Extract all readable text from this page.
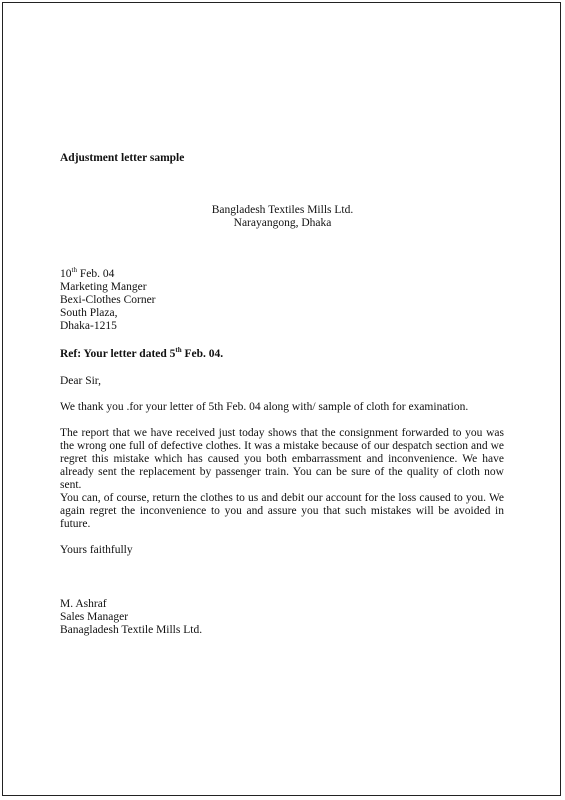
Adjustment letter sample
Bangladesh Textiles Mills Ltd.
Narayangong, Dhaka
10th Feb. 04
Marketing Manger
Bexi-Clothes Corner
South Plaza,
Dhaka-1215
Ref: Your letter dated 5th Feb. 04.
Dear Sir,
We thank you .for your letter of 5th Feb. 04 along with/ sample of cloth for examination.
The report that we have received just today shows that the consignment forwarded to you was the wrong one full of defective clothes. It was a mistake because of our despatch section and we regret this mistake which has caused you both embarrassment and inconvenience. We have already sent the replacement by passenger train. You can be sure of the quality of cloth now sent.
You can, of course, return the clothes to us and debit our account for the loss caused to you. We again regret the inconvenience to you and assure you that such mistakes will be avoided in future.
Yours faithfully
M. Ashraf
Sales Manager
Banagladesh Textile Mills Ltd.
